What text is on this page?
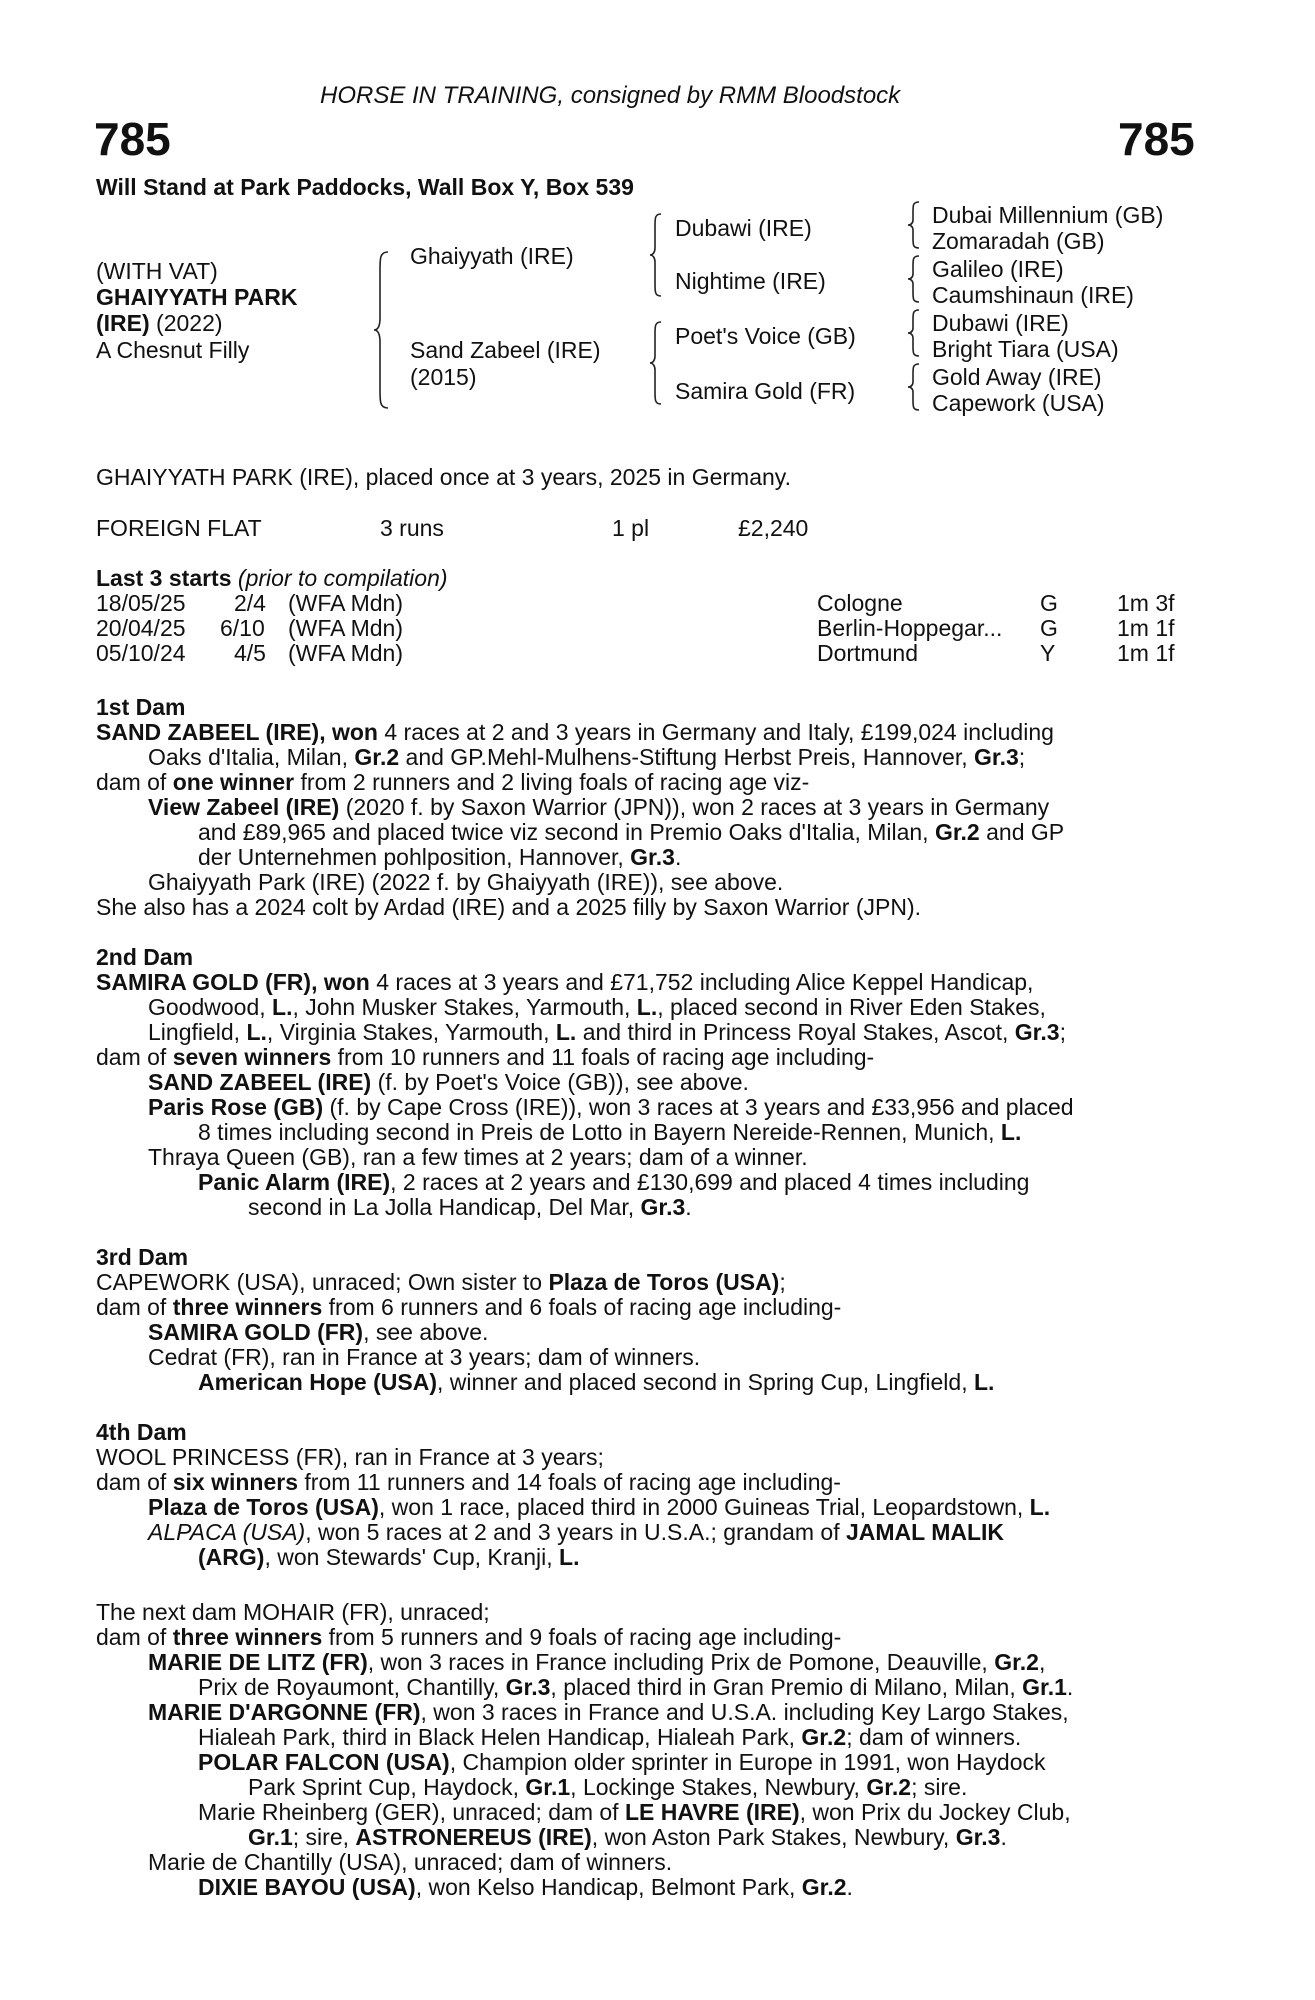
HORSE IN TRAINING, consigned by RMM Bloodstock
785	785
Will Stand at Park Paddocks, Wall Box Y, Box 539
(WITH VAT)
GHAIYYATH PARK
(IRE) (2022)
A Chesnut Filly
Ghaiyyath (IRE)
Sand Zabeel (IRE)
(2015)
Dubawi (IRE)
Nightime (IRE)
Poet's Voice (GB)
Samira Gold (FR)
Dubai Millennium (GB)
Zomaradah (GB)
Galileo (IRE)
Caumshinaun (IRE)
Dubawi (IRE)
Bright Tiara (USA)
Gold Away (IRE)
Capework (USA)
GHAIYYATH PARK (IRE), placed once at 3 years, 2025 in Germany.
FOREIGN FLAT	3 runs	1 pl	£2,240
Last 3 starts (prior to compilation)
18/05/25 2/4 (WFA Mdn)	Cologne	G	1m 3f
20/04/25 6/10 (WFA Mdn)	Berlin-Hoppegar... G	1m 1f
05/10/24 4/5 (WFA Mdn)	Dortmund	Y	1m 1f
1st Dam
SAND ZABEEL (IRE), won 4 races at 2 and 3 years in Germany and Italy, £199,024 including
Oaks d'Italia, Milan, Gr.2 and GP.Mehl-Mulhens-Stiftung Herbst Preis, Hannover, Gr.3;
dam of one winner from 2 runners and 2 living foals of racing age viz-
View Zabeel (IRE) (2020 f. by Saxon Warrior (JPN)), won 2 races at 3 years in Germany
and £89,965 and placed twice viz second in Premio Oaks d'Italia, Milan, Gr.2 and GP
der Unternehmen pohlposition, Hannover, Gr.3.
Ghaiyyath Park (IRE) (2022 f. by Ghaiyyath (IRE)), see above.
She also has a 2024 colt by Ardad (IRE) and a 2025 filly by Saxon Warrior (JPN).
2nd Dam
SAMIRA GOLD (FR), won 4 races at 3 years and £71,752 including Alice Keppel Handicap,
Goodwood, L., John Musker Stakes, Yarmouth, L., placed second in River Eden Stakes,
Lingfield, L., Virginia Stakes, Yarmouth, L. and third in Princess Royal Stakes, Ascot, Gr.3;
dam of seven winners from 10 runners and 11 foals of racing age including-
SAND ZABEEL (IRE) (f. by Poet's Voice (GB)), see above.
Paris Rose (GB) (f. by Cape Cross (IRE)), won 3 races at 3 years and £33,956 and placed
8 times including second in Preis de Lotto in Bayern Nereide-Rennen, Munich, L.
Thraya Queen (GB), ran a few times at 2 years; dam of a winner.
Panic Alarm (IRE), 2 races at 2 years and £130,699 and placed 4 times including
second in La Jolla Handicap, Del Mar, Gr.3.
3rd Dam
CAPEWORK (USA), unraced; Own sister to Plaza de Toros (USA);
dam of three winners from 6 runners and 6 foals of racing age including-
SAMIRA GOLD (FR), see above.
Cedrat (FR), ran in France at 3 years; dam of winners.
American Hope (USA), winner and placed second in Spring Cup, Lingfield, L.
4th Dam
WOOL PRINCESS (FR), ran in France at 3 years;
dam of six winners from 11 runners and 14 foals of racing age including-
Plaza de Toros (USA), won 1 race, placed third in 2000 Guineas Trial, Leopardstown, L.
ALPACA (USA), won 5 races at 2 and 3 years in U.S.A.; grandam of JAMAL MALIK
(ARG), won Stewards' Cup, Kranji, L.
The next dam MOHAIR (FR), unraced;
dam of three winners from 5 runners and 9 foals of racing age including-
MARIE DE LITZ (FR), won 3 races in France including Prix de Pomone, Deauville, Gr.2,
Prix de Royaumont, Chantilly, Gr.3, placed third in Gran Premio di Milano, Milan, Gr.1.
MARIE D'ARGONNE (FR), won 3 races in France and U.S.A. including Key Largo Stakes,
Hialeah Park, third in Black Helen Handicap, Hialeah Park, Gr.2; dam of winners.
POLAR FALCON (USA), Champion older sprinter in Europe in 1991, won Haydock
Park Sprint Cup, Haydock, Gr.1, Lockinge Stakes, Newbury, Gr.2; sire.
Marie Rheinberg (GER), unraced; dam of LE HAVRE (IRE), won Prix du Jockey Club,
Gr.1; sire, ASTRONEREUS (IRE), won Aston Park Stakes, Newbury, Gr.3.
Marie de Chantilly (USA), unraced; dam of winners.
DIXIE BAYOU (USA), won Kelso Handicap, Belmont Park, Gr.2.
